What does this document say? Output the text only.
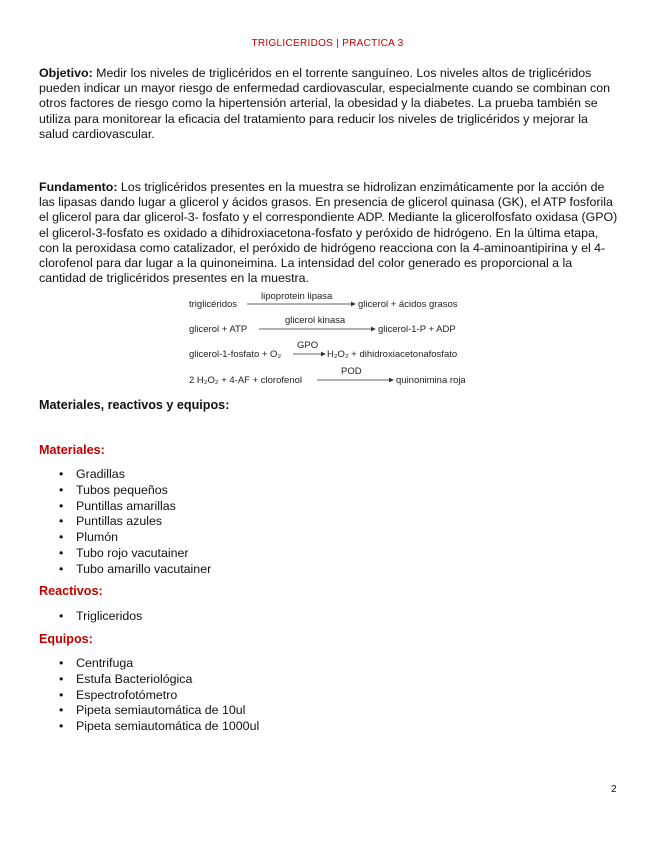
TRIGLICERIDOS | PRACTICA 3

Objetivo: Medir los niveles de triglicéridos en el torrente sanguíneo. Los niveles altos de triglicéridos pueden indicar un mayor riesgo de enfermedad cardiovascular, especialmente cuando se combinan con otros factores de riesgo como la hipertensión arterial, la obesidad y la diabetes. La prueba también se utiliza para monitorear la eficacia del tratamiento para reducir los niveles de triglicéridos y mejorar la salud cardiovascular.

Fundamento: Los triglicéridos presentes en la muestra se hidrolizan enzimáticamente por la acción de las lipasas dando lugar a glicerol y ácidos grasos. En presencia de glicerol quinasa (GK), el ATP fosforila el glicerol para dar glicerol-3- fosfato y el correspondiente ADP. Mediante la glicerolfosfato oxidasa (GPO) el glicerol-3-fosfato es oxidado a dihidroxiacetona-fosfato y peróxido de hidrógeno. En la última etapa, con la peroxidasa como catalizador, el peróxido de hidrógeno reacciona con la 4-aminoantipirina y el 4-clorofenol para dar lugar a la quinoneimina. La intensidad del color generado es proporcional a la cantidad de triglicéridos presentes en la muestra.

triglicéridos
lipoprotein lipasa
glicerol + ácidos grasos
glicerol + ATP
glicerol kinasa
glicerol-1-P + ADP
glicerol-1-fosfato + O₂
GPO
H₂O₂ + dihidroxiacetonafosfato
2 H₂O₂ + 4-AF + clorofenol
POD
quinonimina roja

Materiales, reactivos y equipos:

Materiales:

• Gradillas
• Tubos pequeños
• Puntillas amarillas
• Puntillas azules
• Plumón
• Tubo rojo vacutainer
• Tubo amarillo vacutainer

Reactivos:

• Trigliceridos

Equipos:

• Centrifuga
• Estufa Bacteriológica
• Espectrofotómetro
• Pipeta semiautomática de 10ul
• Pipeta semiautomática de 1000ul
2
